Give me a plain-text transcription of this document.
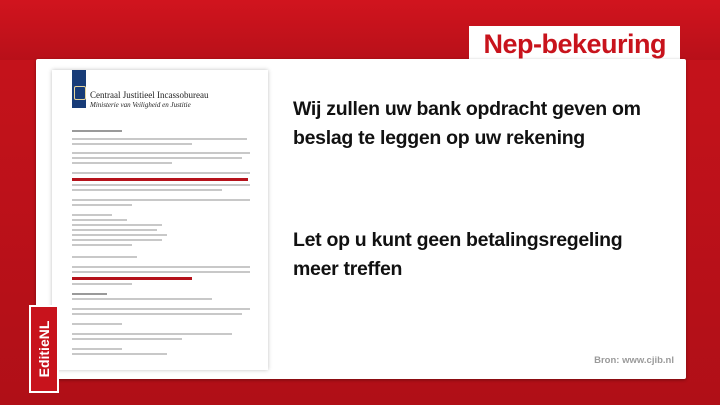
Nep-bekeuring
Centraal Justitieel Incassobureau
Ministerie van Veiligheid en Justitie	Wij zullen uw bank opdracht geven om beslag te leggen op uw rekening
Let op u kunt geen betalingsregeling meer treffen
Bron: www.cjib.nl
EditieNL
